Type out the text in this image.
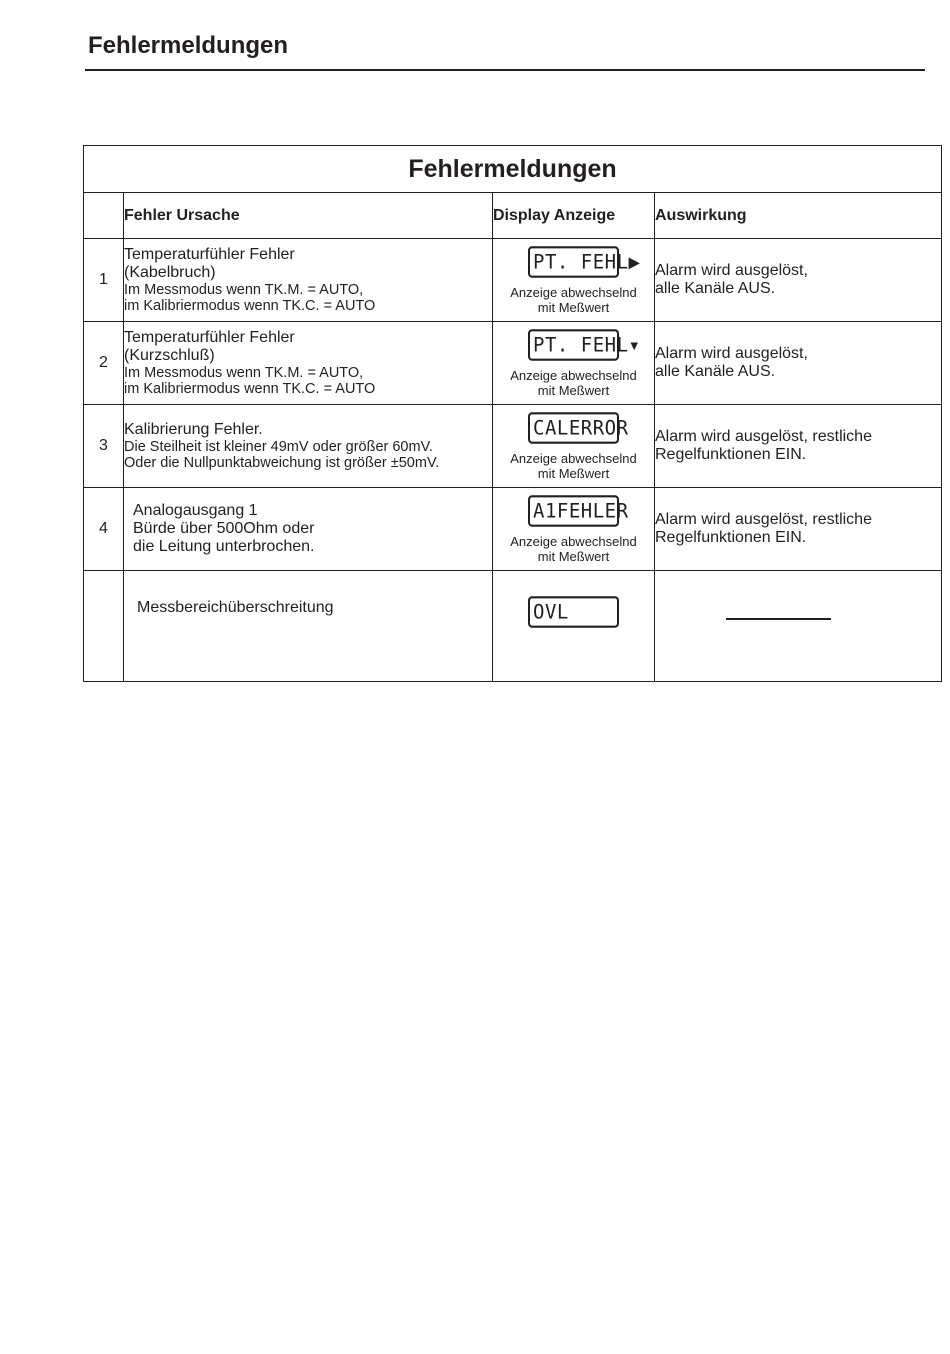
Fehlermeldungen
Fehlermeldungen			
	Fehler Ursache	Display Anzeige	Auswirkung
1	Temperaturfühler Fehler
(Kabelbruch)
Im Messmodus wenn TK.M. = AUTO,
im Kalibriermodus wenn TK.C. = AUTO	PT. FEHL▶
Anzeige abwechselnd
mit Meßwert	Alarm wird ausgelöst,
alle Kanäle AUS.
2	Temperaturfühler Fehler
(Kurzschluß)
Im Messmodus wenn TK.M. = AUTO,
im Kalibriermodus wenn TK.C. = AUTO	PT. FEHL▾
Anzeige abwechselnd
mit Meßwert	Alarm wird ausgelöst,
alle Kanäle AUS.
3	Kalibrierung Fehler.
Die Steilheit ist kleiner 49mV oder größer 60mV.
Oder die Nullpunktabweichung ist größer ±50mV.	CALERROR
Anzeige abwechselnd
mit Meßwert	Alarm wird ausgelöst, restliche
Regelfunktionen EIN.
4	Analogausgang 1
Bürde über 500Ohm oder
die Leitung unterbrochen.	A1FEHLER
Anzeige abwechselnd
mit Meßwert	Alarm wird ausgelöst, restliche
Regelfunktionen EIN.

	Messbereichüberschreitung	OVL	
